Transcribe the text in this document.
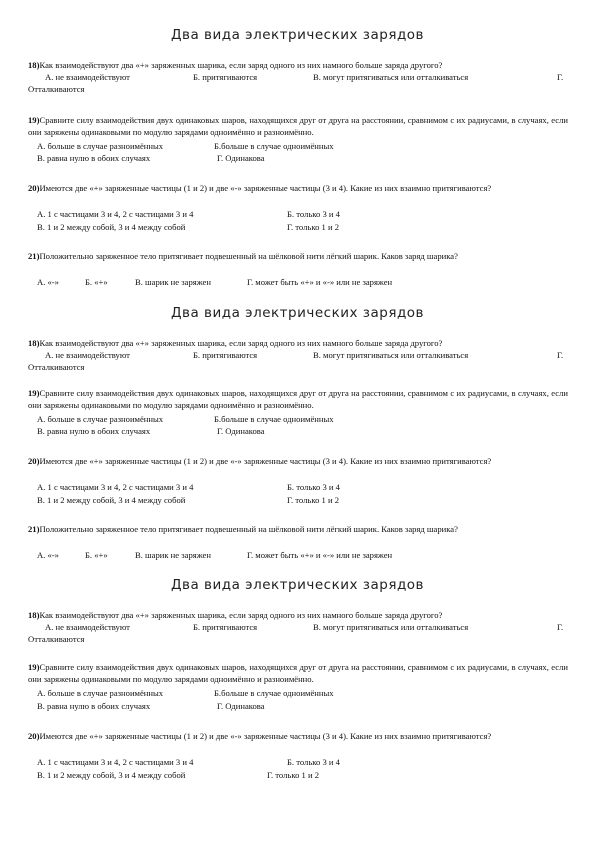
Два вида электрических зарядов
18)Как взаимодействуют два «+» заряженных шарика, если заряд одного из них намного больше заряда другого?
А. не взаимодействуют	Б. притягиваются	В. могут притягиваться или отталкиваться	Г.
Отталкиваются
19)Сравните силу взаимодействия двух одинаковых шаров, находящихся друг от друга на расстоянии, сравнимом с их радиусами, в случаях, если они заряжены одинаковыми по модулю зарядами одноимённо и разноимённо.
А. больше в случае разноимённых	Б.больше в случае одноимённых
В. равна нулю в обоих случаях	Г. Одинакова
20)Имеются две «+» заряженные частицы (1 и 2) и две «-» заряженные частицы (3 и 4). Какие из них взаимно притягиваются?
А. 1 с частицами 3 и 4, 2 с частицами 3 и 4	Б. только 3 и 4
В. 1 и 2 между собой, 3 и 4 между собой	Г. только 1 и 2
21)Положительно заряженное тело притягивает подвешенный на шёлковой нити лёгкий шарик. Каков заряд шарика?
А. «-»	Б. «+»	В. шарик не заряжен	Г. может быть «+» и «-» или не заряжен
Два вида электрических зарядов
18)Как взаимодействуют два «+» заряженных шарика, если заряд одного из них намного больше заряда другого?
А. не взаимодействуют	Б. притягиваются	В. могут притягиваться или отталкиваться	Г.
Отталкиваются
19)Сравните силу взаимодействия двух одинаковых шаров, находящихся друг от друга на расстоянии, сравнимом с их радиусами, в случаях, если они заряжены одинаковыми по модулю зарядами одноимённо и разноимённо.
А. больше в случае разноимённых	Б.больше в случае одноимённых
В. равна нулю в обоих случаях	Г. Одинакова
20)Имеются две «+» заряженные частицы (1 и 2) и две «-» заряженные частицы (3 и 4). Какие из них взаимно притягиваются?
А. 1 с частицами 3 и 4, 2 с частицами 3 и 4	Б. только 3 и 4
В. 1 и 2 между собой, 3 и 4 между собой	Г. только 1 и 2
21)Положительно заряженное тело притягивает подвешенный на шёлковой нити лёгкий шарик. Каков заряд шарика?
А. «-»	Б. «+»	В. шарик не заряжен	Г. может быть «+» и «-» или не заряжен
Два вида электрических зарядов
18)Как взаимодействуют два «+» заряженных шарика, если заряд одного из них намного больше заряда другого?
А. не взаимодействуют	Б. притягиваются	В. могут притягиваться или отталкиваться	Г.
Отталкиваются
19)Сравните силу взаимодействия двух одинаковых шаров, находящихся друг от друга на расстоянии, сравнимом с их радиусами, в случаях, если они заряжены одинаковыми по модулю зарядами одноимённо и разноимённо.
А. больше в случае разноимённых	Б.больше в случае одноимённых
В. равна нулю в обоих случаях	Г. Одинакова
20)Имеются две «+» заряженные частицы (1 и 2) и две «-» заряженные частицы (3 и 4). Какие из них взаимно притягиваются?
А. 1 с частицами 3 и 4, 2 с частицами 3 и 4	Б. только 3 и 4
В. 1 и 2 между собой, 3 и 4 между собой	Г. только 1 и 2
